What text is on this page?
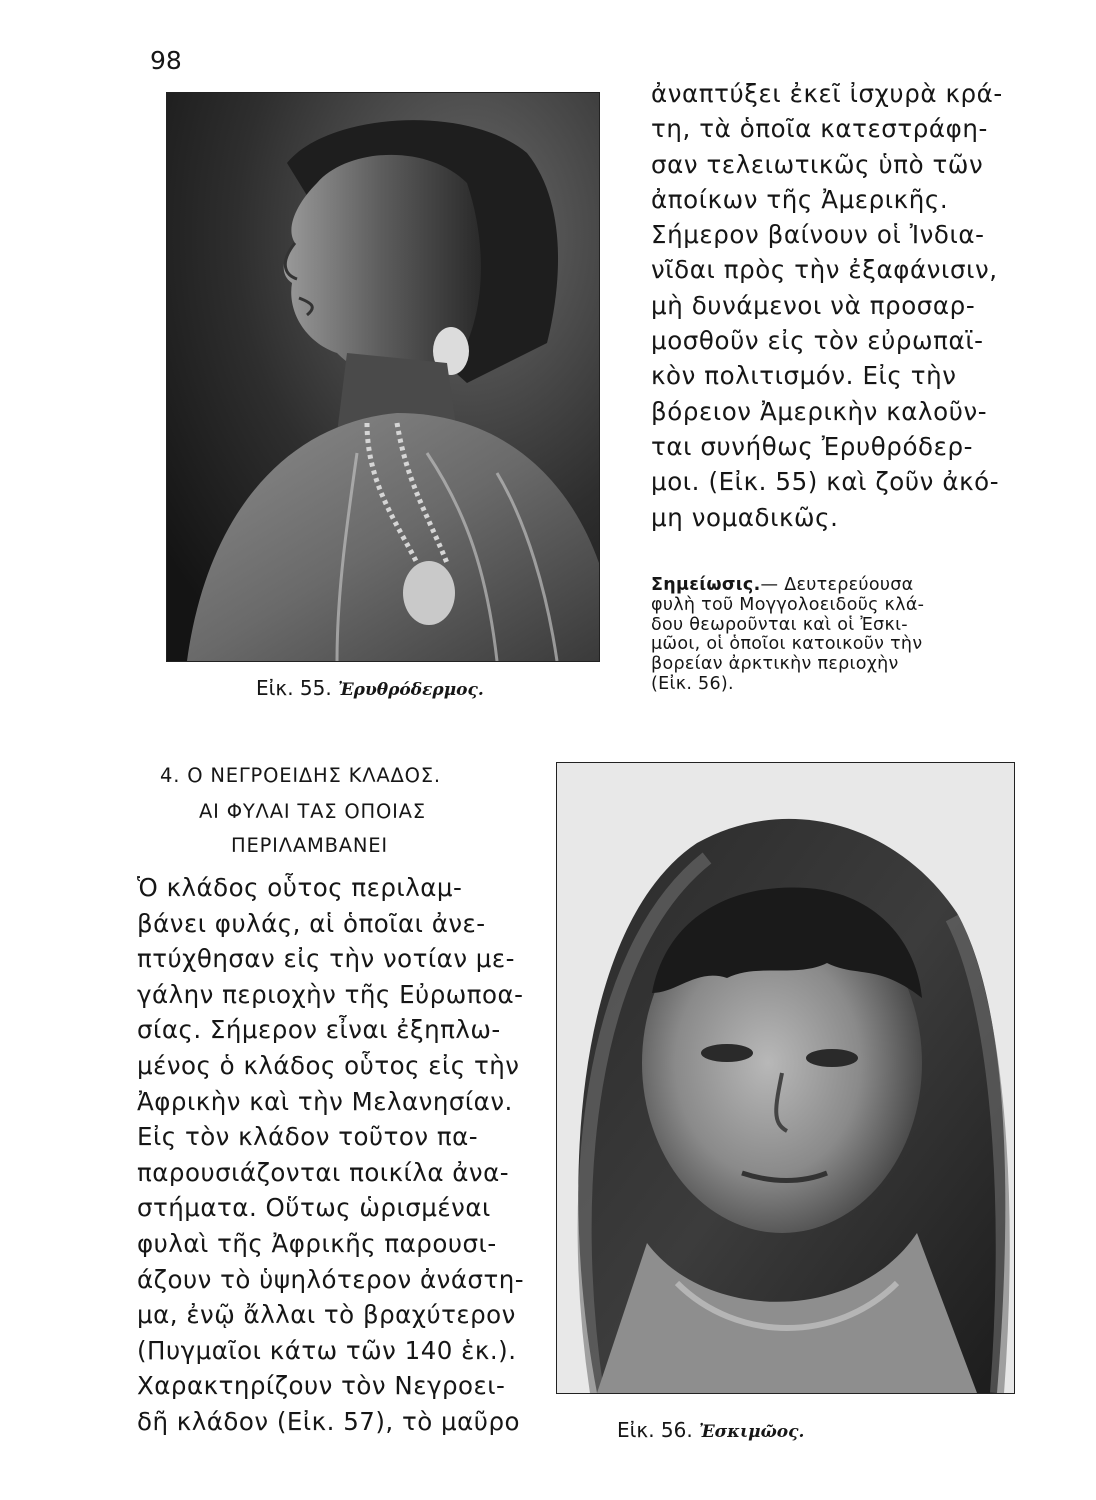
98
Εἰκ. 55. Ἐρυθρόδερμος.

ἀναπτύξει ἐκεῖ ἰσχυρὰ κρά-
τη, τὰ ὁποῖα κατεστράφη-
σαν τελειωτικῶς ὑπὸ τῶν
ἀποίκων τῆς Ἀμερικῆς.
Σήμερον βαίνουν οἱ Ἰνδια-
νῖδαι πρὸς τὴν ἐξαφάνισιν,
μὴ δυνάμενοι νὰ προσαρ-
μοσθοῦν εἰς τὸν εὐρωπαϊ-
κὸν πολιτισμόν. Εἰς τὴν
βόρειον Ἀμερικὴν καλοῦν-
ται συνήθως Ἐρυθρόδερ-
μοι. (Εἰκ. 55) καὶ ζοῦν ἀκό-
μη νομαδικῶς.

Σημείωσις.— Δευτερεύουσα
φυλὴ τοῦ Μογγολοειδοῦς κλά-
δου θεωροῦνται καὶ οἱ Ἐσκι-
μῶοι, οἱ ὁποῖοι κατοικοῦν τὴν
βορείαν ἀρκτικὴν περιοχὴν
(Εἰκ. 56).

4. Ο ΝΕΓΡΟΕΙΔΗΣ ΚΛΑΔΟΣ.

ΑΙ ΦΥΛΑΙ ΤΑΣ ΟΠΟΙΑΣ

ΠΕΡΙΛΑΜΒΑΝΕΙ

Ὁ κλάδος οὗτος περιλαμ-
βάνει φυλάς, αἱ ὁποῖαι ἀνε-
πτύχθησαν εἰς τὴν νοτίαν με-
γάλην περιοχὴν τῆς Εὐρωποα-
σίας. Σήμερον εἶναι ἐξηπλω-
μένος ὁ κλάδος οὗτος εἰς τὴν
Ἀφρικὴν καὶ τὴν Μελανησίαν.
Εἰς τὸν κλάδον τοῦτον πα-
παρουσιάζονται ποικίλα ἀνα-
στήματα. Οὕτως ὡρισμέναι
φυλαὶ τῆς Ἀφρικῆς παρουσι-
άζουν τὸ ὑψηλότερον ἀνάστη-
μα, ἐνῷ ἄλλαι τὸ βραχύτερον
(Πυγμαῖοι κάτω τῶν 140 ἑκ.).
Χαρακτηρίζουν τὸν Νεγροει-
δῆ κλάδον (Εἰκ. 57), τὸ μαῦρο	Εἰκ. 56. Ἐσκιμῶος.
